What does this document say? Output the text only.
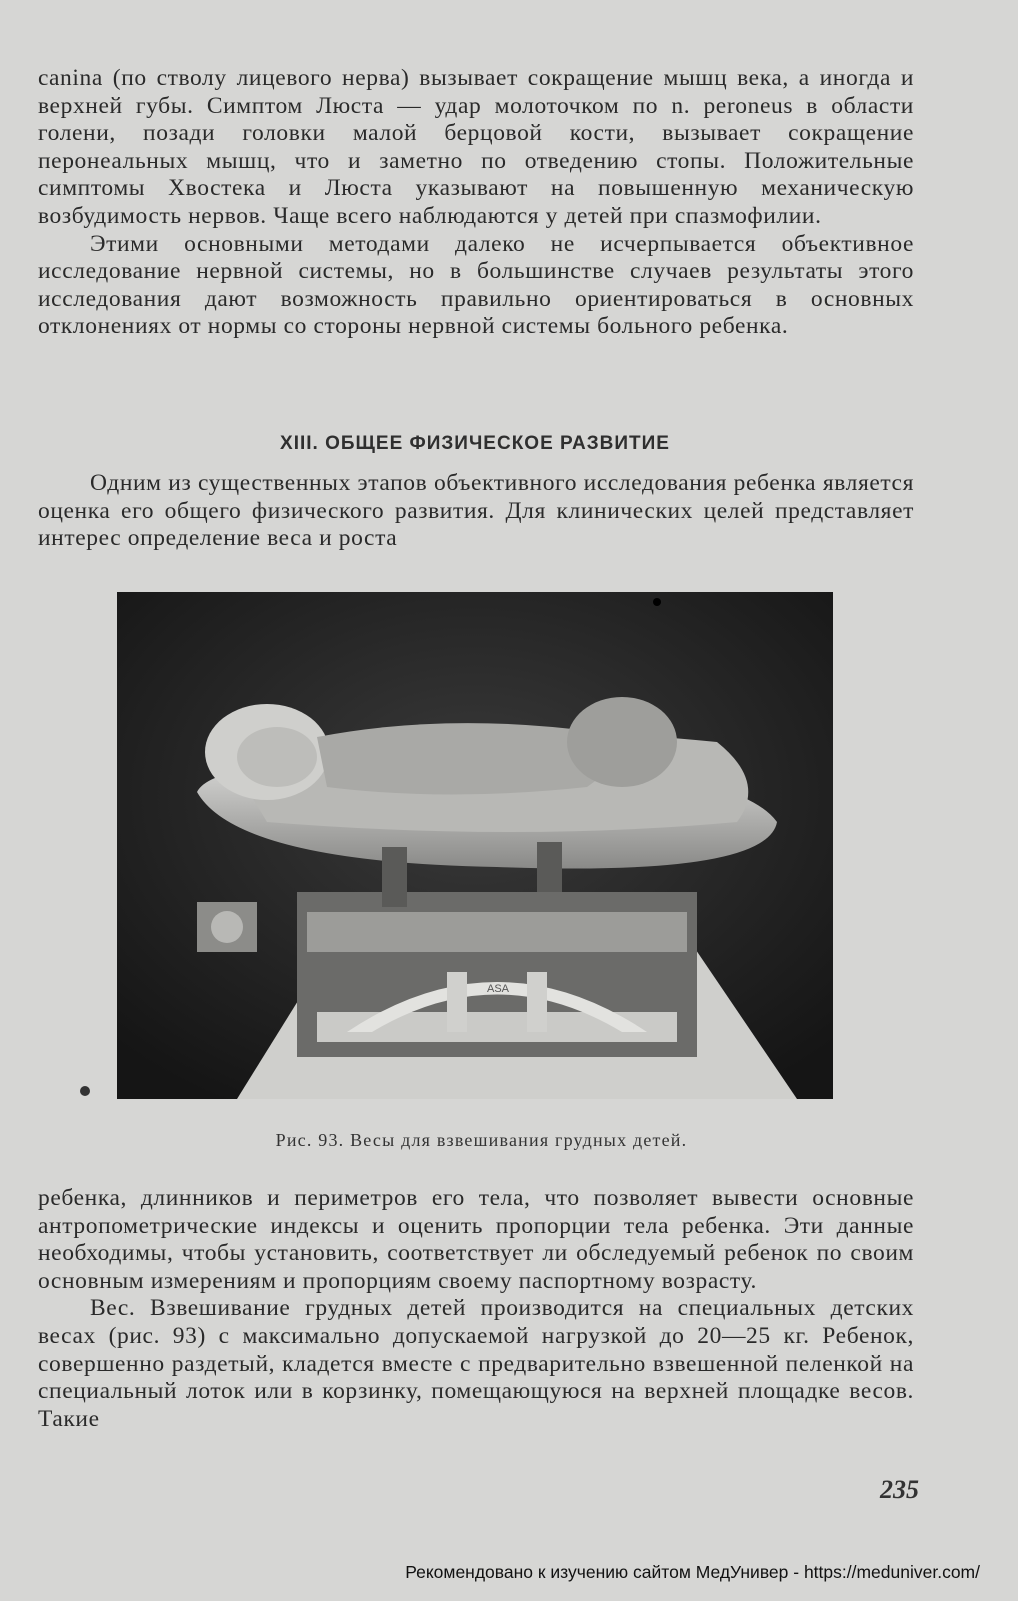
canina (по стволу лицевого нерва) вызывает сокращение мышц века, а иногда и верхней губы. Симптом Люста — удар молоточком по n. peroneus в области голени, позади головки малой берцовой кости, вызывает сокращение перонеальных мышц, что и заметно по отведению стопы. Положительные симптомы Хвостека и Люста указывают на повышенную механическую возбудимость нервов. Чаще всего наблюдаются у детей при спазмофилии.

Этими основными методами далеко не исчерпывается объективное исследование нервной системы, но в большинстве случаев результаты этого исследования дают возможность правильно ориентироваться в основных отклонениях от нормы со стороны нервной системы больного ребенка.

XIII. ОБЩЕЕ ФИЗИЧЕСКОЕ РАЗВИТИЕ

Одним из существенных этапов объективного исследования ребенка является оценка его общего физического развития. Для клинических целей представляет интерес определение веса и роста

ASA
Рис. 93. Весы для взвешивания грудных детей.

ребенка, длинников и периметров его тела, что позволяет вывести основные антропометрические индексы и оценить пропорции тела ребенка. Эти данные необходимы, чтобы установить, соответствует ли обследуемый ребенок по своим основным измерениям и пропорциям своему паспортному возрасту.

Вес. Взвешивание грудных детей производится на специальных детских весах (рис. 93) с максимально допускаемой нагрузкой до 20—25 кг. Ребенок, совершенно раздетый, кладется вместе с предварительно взвешенной пеленкой на специальный лоток или в корзинку, помещающуюся на верхней площадке весов. Такие

235
Рекомендовано к изучению сайтом МедУнивер - https://meduniver.com/
